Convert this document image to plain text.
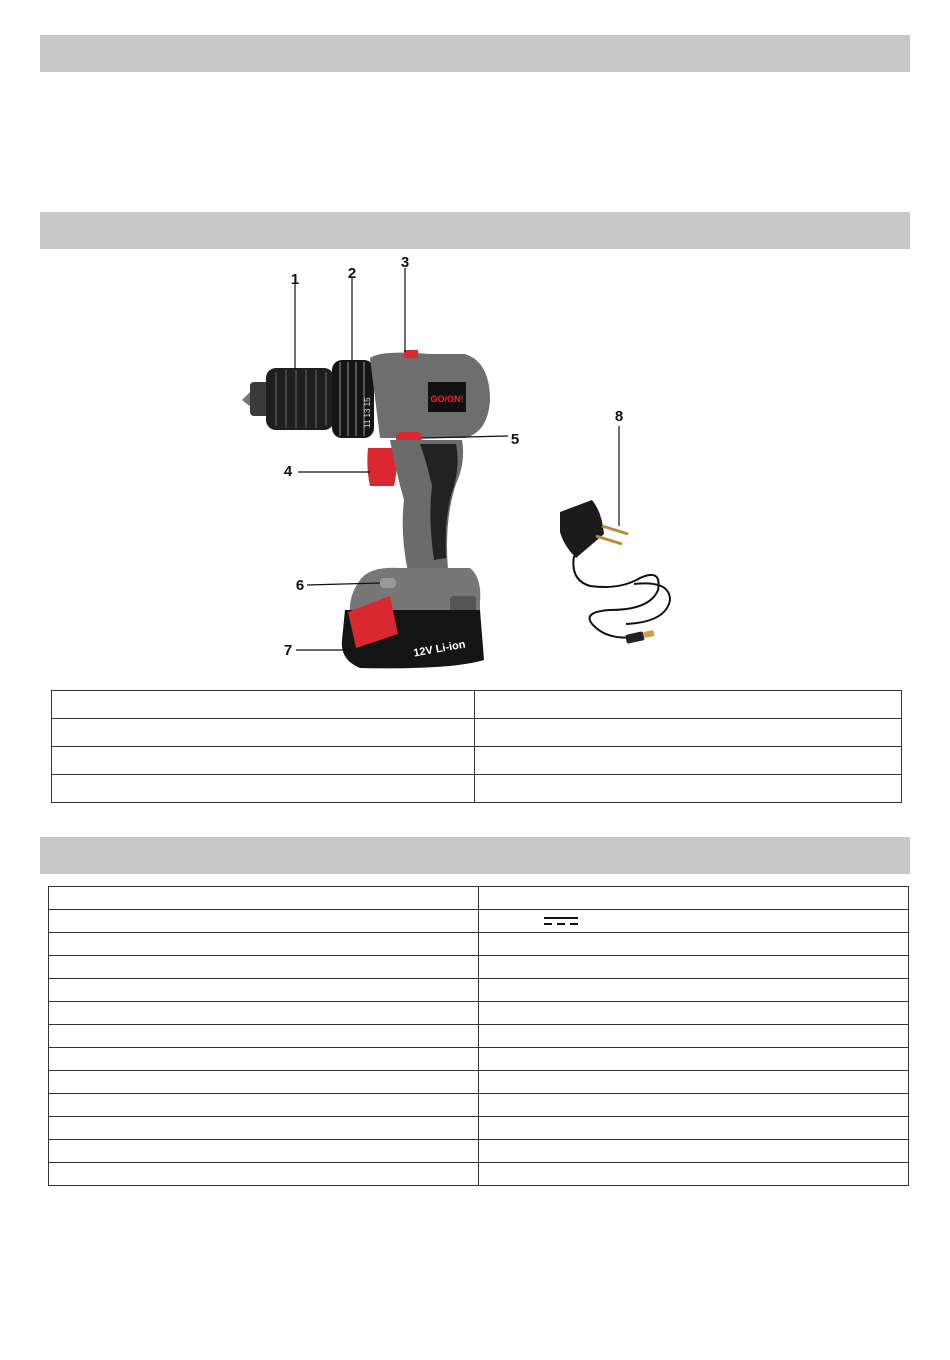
11 13 15	GO/ON!
12V Li-ion
1	2
3
4
5
6
7
8
